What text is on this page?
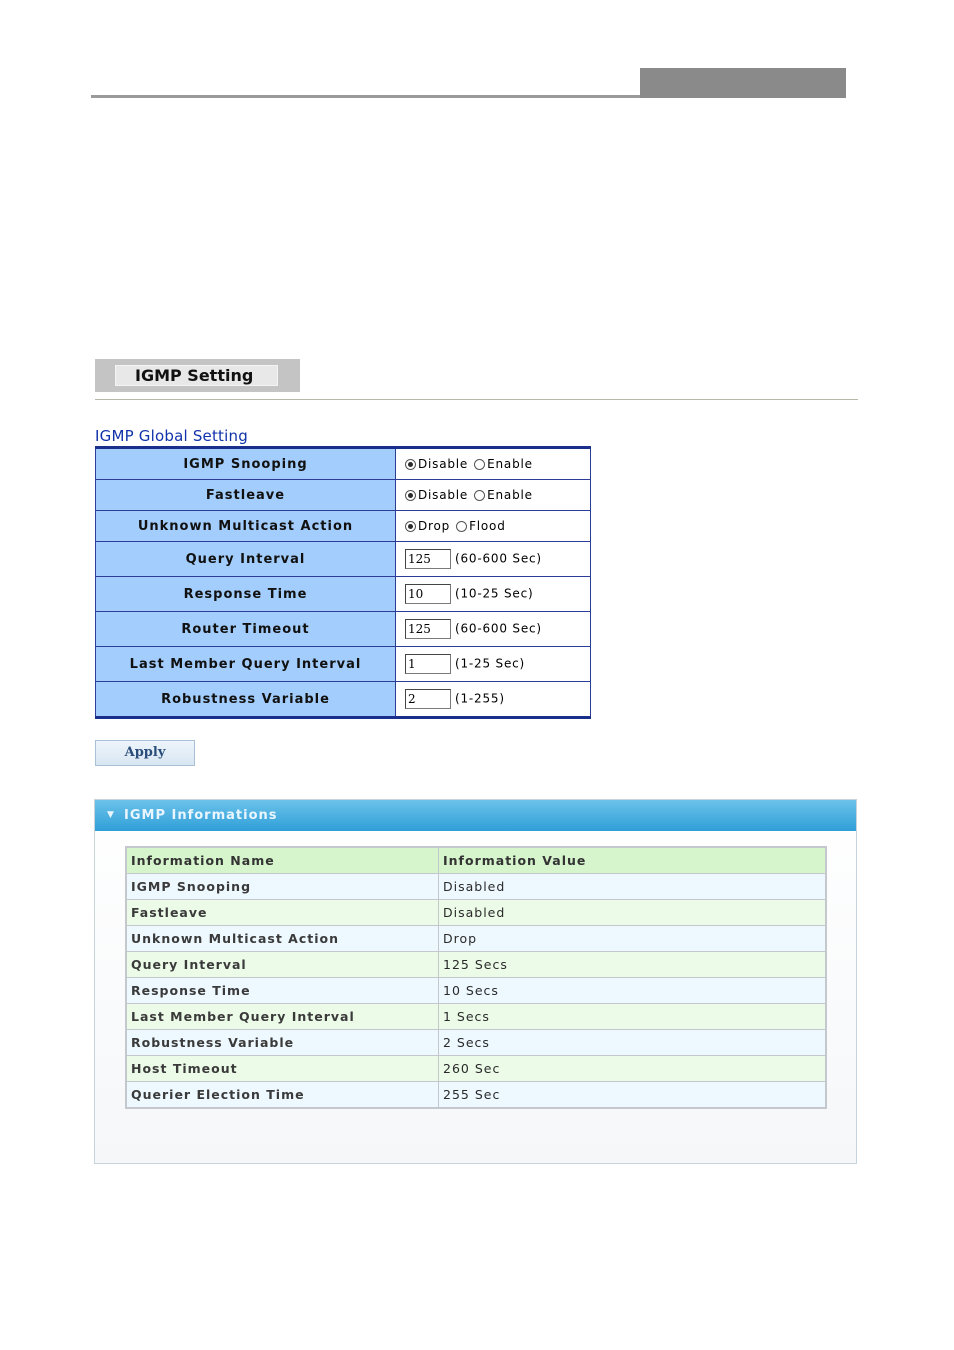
IGMP Setting
IGMP Global Setting
IGMP Snooping	Disable Enable
Fastleave	Disable Enable
Unknown Multicast Action	Drop Flood
Query Interval	125 (60-600 Sec)
Response Time	10 (10-25 Sec)
Router Timeout	125 (60-600 Sec)
Last Member Query Interval	1 (1-25 Sec)
Robustness Variable	2 (1-255)
Apply
▼ IGMP Informations
Information Name	Information Value
IGMP Snooping	Disabled
Fastleave	Disabled
Unknown Multicast Action	Drop
Query Interval	125 Secs
Response Time	10 Secs
Last Member Query Interval	1 Secs
Robustness Variable	2 Secs
Host Timeout	260 Sec
Querier Election Time	255 Sec
